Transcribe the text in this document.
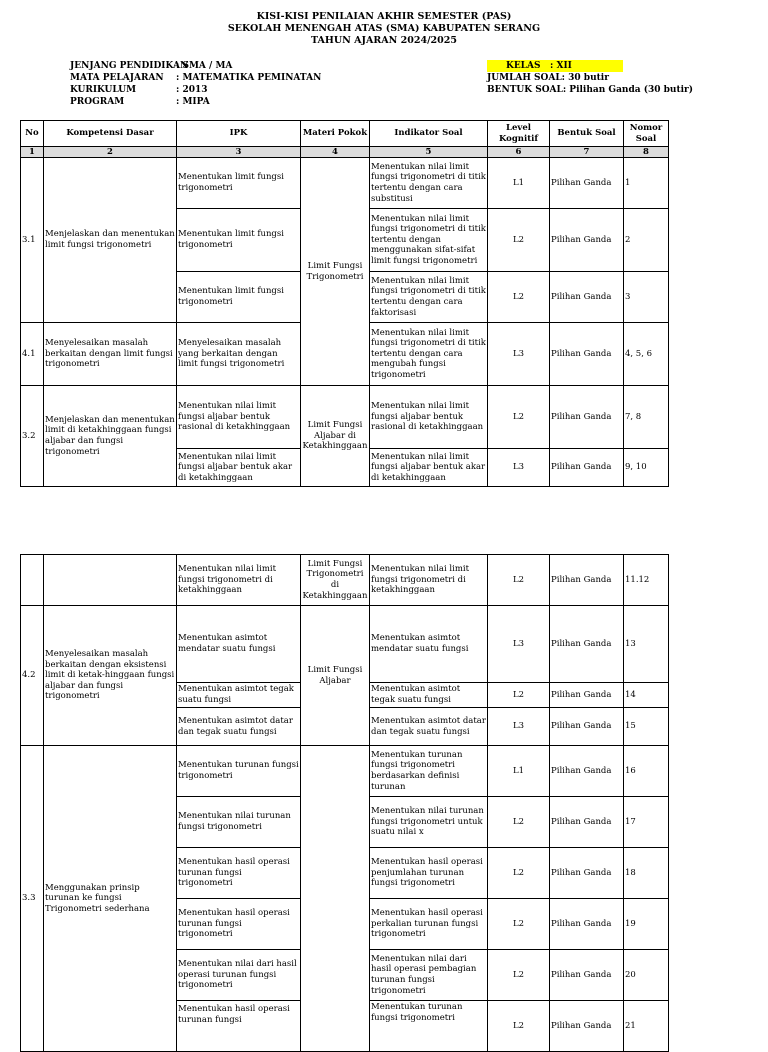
KISI-KISI PENILAIAN AKHIR SEMESTER (PAS)
SEKOLAH MENENGAH ATAS (SMA) KABUPATEN SERANG
TAHUN AJARAN 2024/2025
JENJANG PENDIDIKAN
: SMA / MA
MATA PELAJARAN : MATEMATIKA PEMINATAN
KURIKULUM	: 2013
PROGRAM	: MIPA
KELAS : XII
JUMLAH SOAL: 30 butir
BENTUK SOAL: Pilihan Ganda (30 butir)
No	Kompetensi Dasar	IPK	Materi Pokok	Indikator Soal	Level Kognitif	Bentuk Soal	Nomor Soal
1	2	3	4	5	6	7	8
3.1	Menjelaskan dan menentukan limit fungsi trigonometri	Menentukan limit fungsi trigonometri	Limit Fungsi Trigonometri	Menentukan nilai limit fungsi trigonometri di titik tertentu dengan cara substitusi	L1	Pilihan Ganda	1
		Menentukan limit fungsi trigonometri		Menentukan nilai limit fungsi trigonometri di titik tertentu dengan menggunakan sifat-sifat limit fungsi trigonometri	L2	Pilihan Ganda	2
		Menentukan limit fungsi trigonometri		Menentukan nilai limit fungsi trigonometri di titik tertentu dengan cara faktorisasi	L2	Pilihan Ganda	3
4.1	Menyelesaikan masalah berkaitan dengan limit fungsi trigonometri	Menyelesaikan masalah yang berkaitan dengan limit fungsi trigonometri		Menentukan nilai limit fungsi trigonometri di titik tertentu dengan cara mengubah fungsi trigonometri	L3	Pilihan Ganda	4, 5, 6
3.2	Menjelaskan dan menentukan limit di ketakhinggaan fungsi aljabar dan fungsi trigonometri	Menentukan nilai limit fungsi aljabar bentuk rasional di ketakhinggaan	Limit Fungsi Aljabar di Ketakhinggaan	Menentukan nilai limit fungsi aljabar bentuk rasional di ketakhinggaan	L2	Pilihan Ganda	7, 8
		Menentukan nilai limit fungsi aljabar bentuk akar di ketakhinggaan		Menentukan nilai limit fungsi aljabar bentuk akar di ketakhinggaan	L3	Pilihan Ganda	9, 10
		Menentukan nilai limit fungsi trigonometri di ketakhinggaan	Limit Fungsi Trigonometri di Ketakhinggaan	Menentukan nilai limit fungsi trigonometri di ketakhinggaan	L2	Pilihan Ganda	11.12
4.2	Menyelesaikan masalah berkaitan dengan eksistensi limit di ketak-hinggaan fungsi aljabar dan fungsi trigonometri	Menentukan asimtot mendatar suatu fungsi	Limit Fungsi Aljabar	Menentukan asimtot mendatar suatu fungsi	L3	Pilihan Ganda	13
		Menentukan asimtot tegak suatu fungsi		Menentukan asimtot tegak suatu fungsi	L2	Pilihan Ganda	14
		Menentukan asimtot datar dan tegak suatu fungsi		Menentukan asimtot datar dan tegak suatu fungsi	L3	Pilihan Ganda	15
3.3	Menggunakan prinsip turunan ke fungsi Trigonometri sederhana	Menentukan turunan fungsi trigonometri		Menentukan turunan fungsi trigonometri berdasarkan definisi turunan	L1	Pilihan Ganda	16
		Menentukan nilai turunan fungsi trigonometri		Menentukan nilai turunan fungsi trigonometri untuk suatu nilai x	L2	Pilihan Ganda	17
		Menentukan hasil operasi turunan fungsi trigonometri		Menentukan hasil operasi penjumlahan turunan fungsi trigonometri	L2	Pilihan Ganda	18
		Menentukan hasil operasi turunan fungsi trigonometri		Menentukan hasil operasi perkalian turunan fungsi trigonometri	L2	Pilihan Ganda	19
		Menentukan nilai dari hasil operasi turunan fungsi trigonometri		Menentukan nilai dari hasil operasi pembagian turunan fungsi trigonometri	L2	Pilihan Ganda	20
		Menentukan hasil operasi turunan fungsi		Menentukan turunan fungsi trigonometri	L2	Pilihan Ganda	21
